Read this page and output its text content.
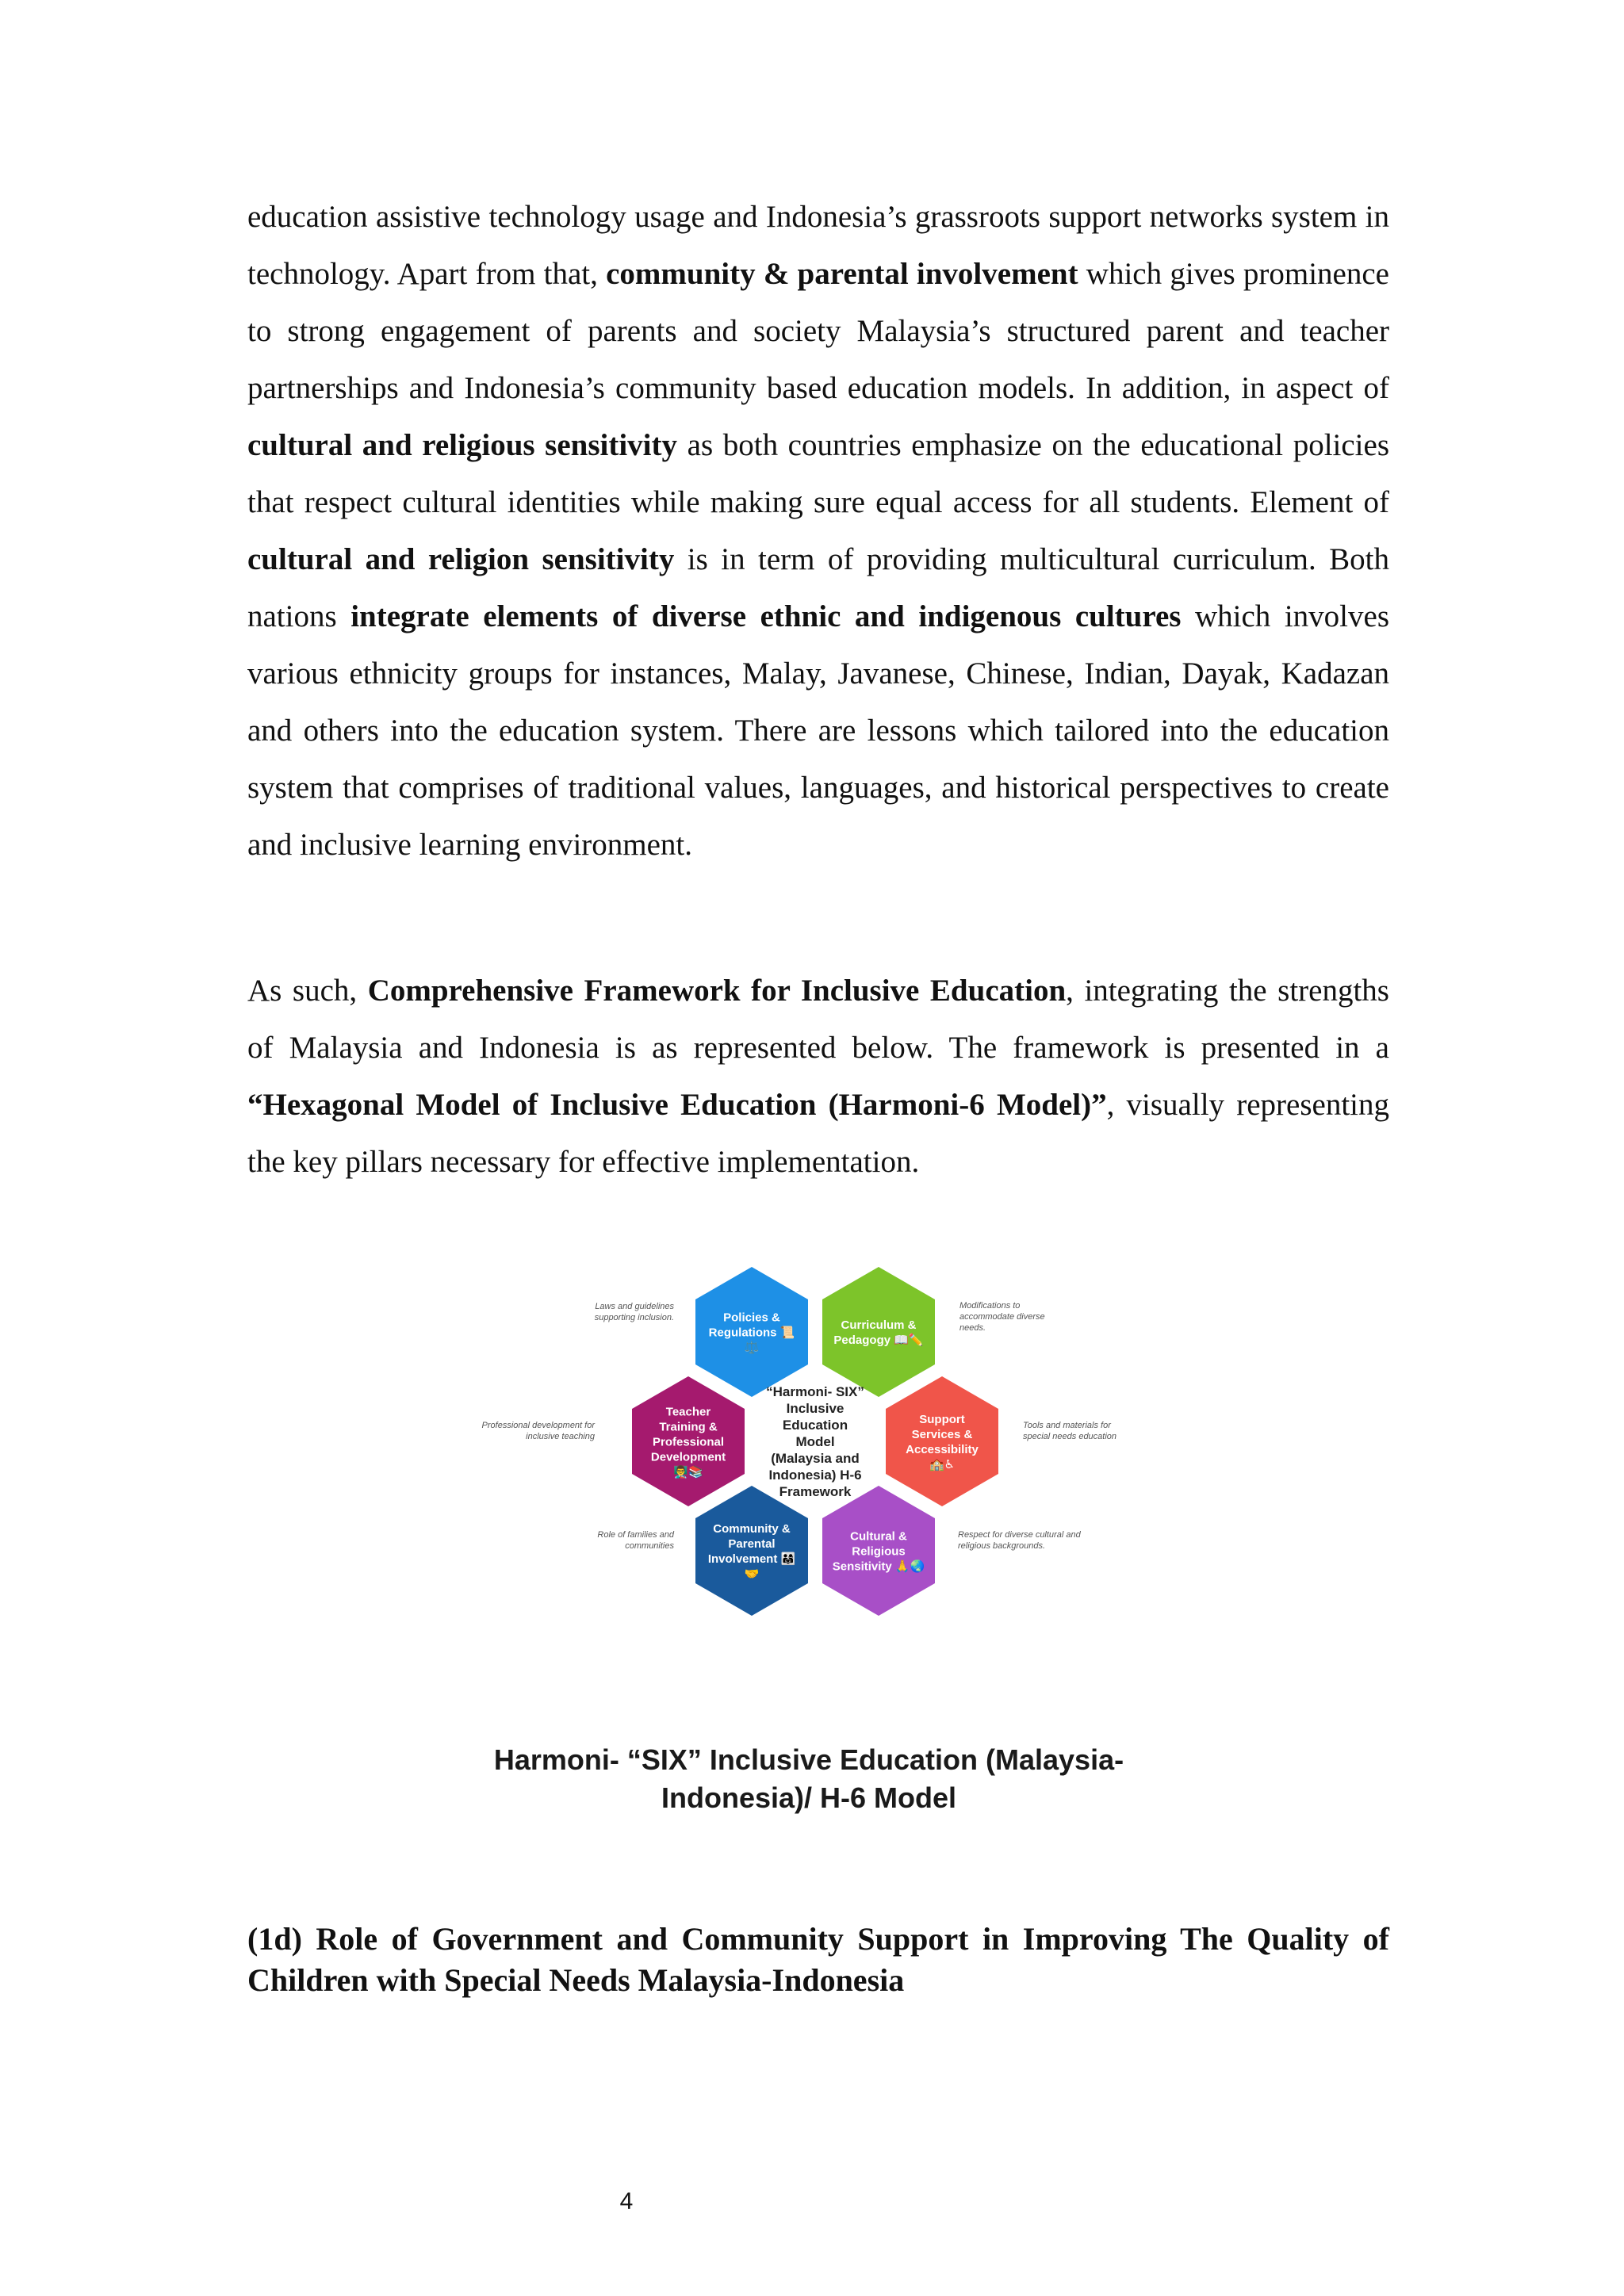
education assistive technology usage and Indonesia’s grassroots support networks system in technology. Apart from that, community & parental involvement which gives prominence to strong engagement of parents and society Malaysia’s structured parent and teacher partnerships and Indonesia’s community based education models. In addition, in aspect of cultural and religious sensitivity as both countries emphasize on the educational policies that respect cultural identities while making sure equal access for all students. Element of cultural and religion sensitivity is in term of providing multicultural curriculum. Both nations integrate elements of diverse ethnic and indigenous cultures which involves various ethnicity groups for instances, Malay, Javanese, Chinese, Indian, Dayak, Kadazan and others into the education system. There are lessons which tailored into the education system that comprises of traditional values, languages, and historical perspectives to create and inclusive learning environment.

As such, Comprehensive Framework for Inclusive Education, integrating the strengths of Malaysia and Indonesia is as represented below. The framework is presented in a “Hexagonal Model of Inclusive Education (Harmoni-6 Model)”, visually representing the key pillars necessary for effective implementation.

Policies & Regulations 📜 ⚖️
Laws and guidelines supporting inclusion.
Curriculum & Pedagogy 📖✏️
Modifications to accommodate diverse needs.
Support Services & Accessibility 🏫♿
Tools and materials for special needs education
Cultural & Religious Sensitivity 🙏🌏
Respect for diverse cultural and religious backgrounds.
Community & Parental Involvement 👨‍👩‍👧 🤝
Role of families and communities
Teacher Training & Professional Development 👨‍🏫📚
Professional development for inclusive teaching
“Harmoni- SIX” Inclusive Education Model (Malaysia and Indonesia) H-6 Framework
Harmoni- “SIX” Inclusive Education (Malaysia-
Indonesia)/ H-6 Model
(1d) Role of Government and Community Support in Improving The Quality of Children with Special Needs Malaysia-Indonesia
4
